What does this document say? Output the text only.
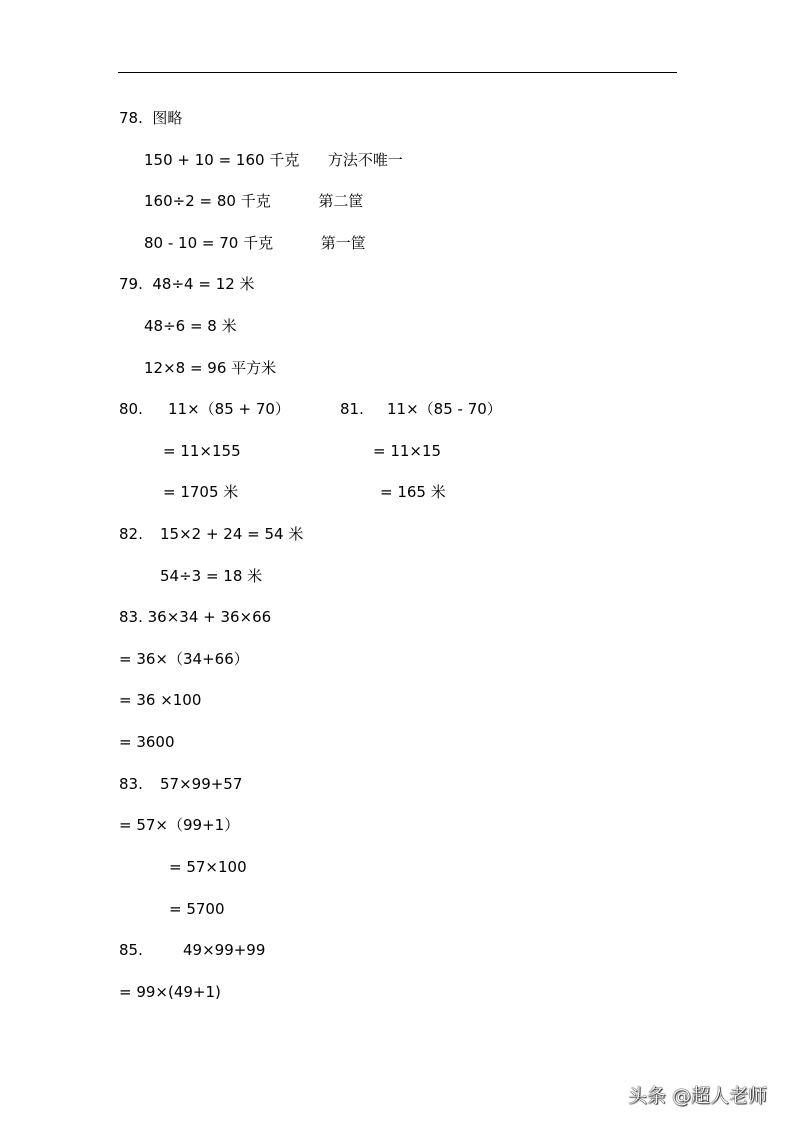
78.  图略
150 + 10 = 160 千克      方法不唯一
160÷2 = 80 千克          第二筐
80 - 10 = 70 千克          第一筐
79.  48÷4 = 12 米
48÷6 = 8 米
12×8 = 96 平方米
80. 11×（85 + 70）	81. 11×（85 - 70）
= 11×155	= 11×15
= 1705 米	= 165 米
82. 15×2 + 24 = 54 米
54÷3 = 18 米
83. 36×34 + 36×66
= 36×（34+66）
= 36 ×100
= 3600
83. 57×99+57
= 57×（99+1）
= 57×100
= 5700
85.	49×99+99
= 99×(49+1)
头条 @超人老师
